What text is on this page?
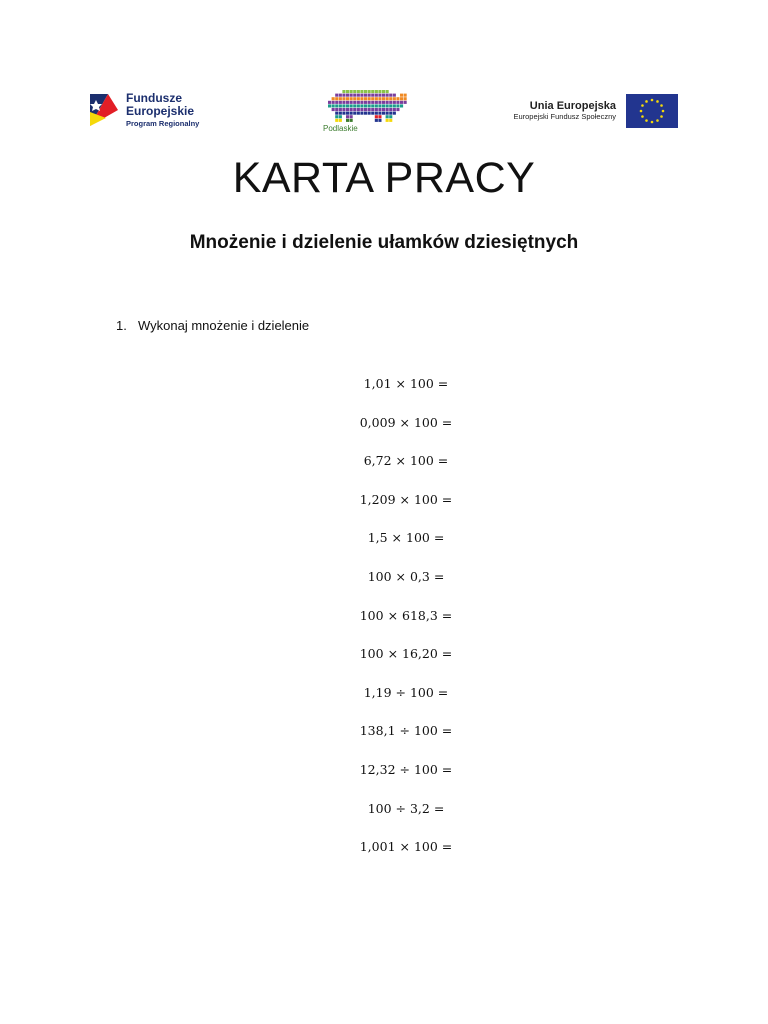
Fundusze
Europejskie
Program Regionalny
Podlaskie
Unia Europejska
Europejski Fundusz Społeczny
KARTA PRACY
Mnożenie i dzielenie ułamków dziesiętnych
1. Wykonaj mnożenie i dzielenie
1,01 × 100 =
0,009 × 100 =
6,72 × 100 =
1,209 × 100 =
1,5 × 100 =
100 × 0,3 =
100 × 618,3 =
100 × 16,20 =
1,19 ÷ 100 =
138,1 ÷ 100 =
12,32 ÷ 100 =
100 ÷ 3,2 =
1,001 × 100 =
